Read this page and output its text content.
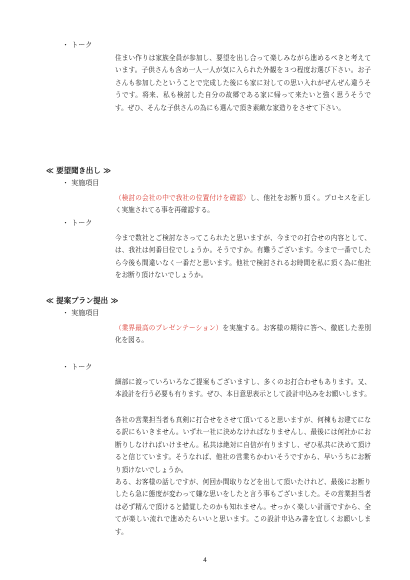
・ トーク
住まい作りは家族全員が参加し、要望を出し合って楽しみながら進めるべきと考えています。子供さんも含め一人一人が気に入られた外観を３つ程度お選び下さい。お子さんも参加したということで完成した後にも家に対しての思い入れがぜんぜん違うそうです。将来、私も検討した自分の故郷である家に帰って来たいと強く思うそうです。ぜひ、そんな子供さんの為にも選んで頂き素敵な家造りをさせて下さい。
≪ 要望聞き出し ≫
・ 実施項目
（検討の会社の中で我社の位置付けを確認）し、他社をお断り頂く。プロセスを正しく実施されてる事を再確認する。
・ トーク
今まで数社とご検討なさってこられたと思いますが、今までの打合せの内容として、は、我社は何番目位でしょうか。そうですか。有難うございます。今まで一番でしたら今後も間違いなく一番だと思います。他社で検討されるお時間を私に頂く為に他社をお断り頂けないでしょうか。
≪ 提案プラン提出 ≫
・ 実施項目
（業界最高のプレゼンテーション）を実施する。お客様の期待に答へ、徹底した差別化を図る。
・ トーク
細部に渡っていろいろなご提案もございますし、多くのお打合わせもあります。又、本設計を行う必要も有ります。ぜひ、本日意思表示として設計申込みをお願いします。
各社の営業担当者も真剣に打合せをさせて頂いてると思いますが、何棟もお建てになる訳にもいきません。いずれ一社に決めなければなりませんし、最後には何社かにお断りしなければいけません。私共は絶対に自信が有りますし、ぜひ私共に決めて頂けると信じています。そうなれば、他社の営業ちかわいそうですから、早いうちにお断り頂けないでしょうか。
ある、お客様の話しですが、何回か間取りなどを出して頂いたけれど、最後にお断りしたら急に態度が変わって嫌な思いをしたと言う事もございました。その営業担当者は必ず精んで頂けると錯覚したのかも知れません。せっかく楽しい計画ですから、全てが楽しい流れで進めたらいいと思います。この設計申込み書を宜しくお願いします。
4
